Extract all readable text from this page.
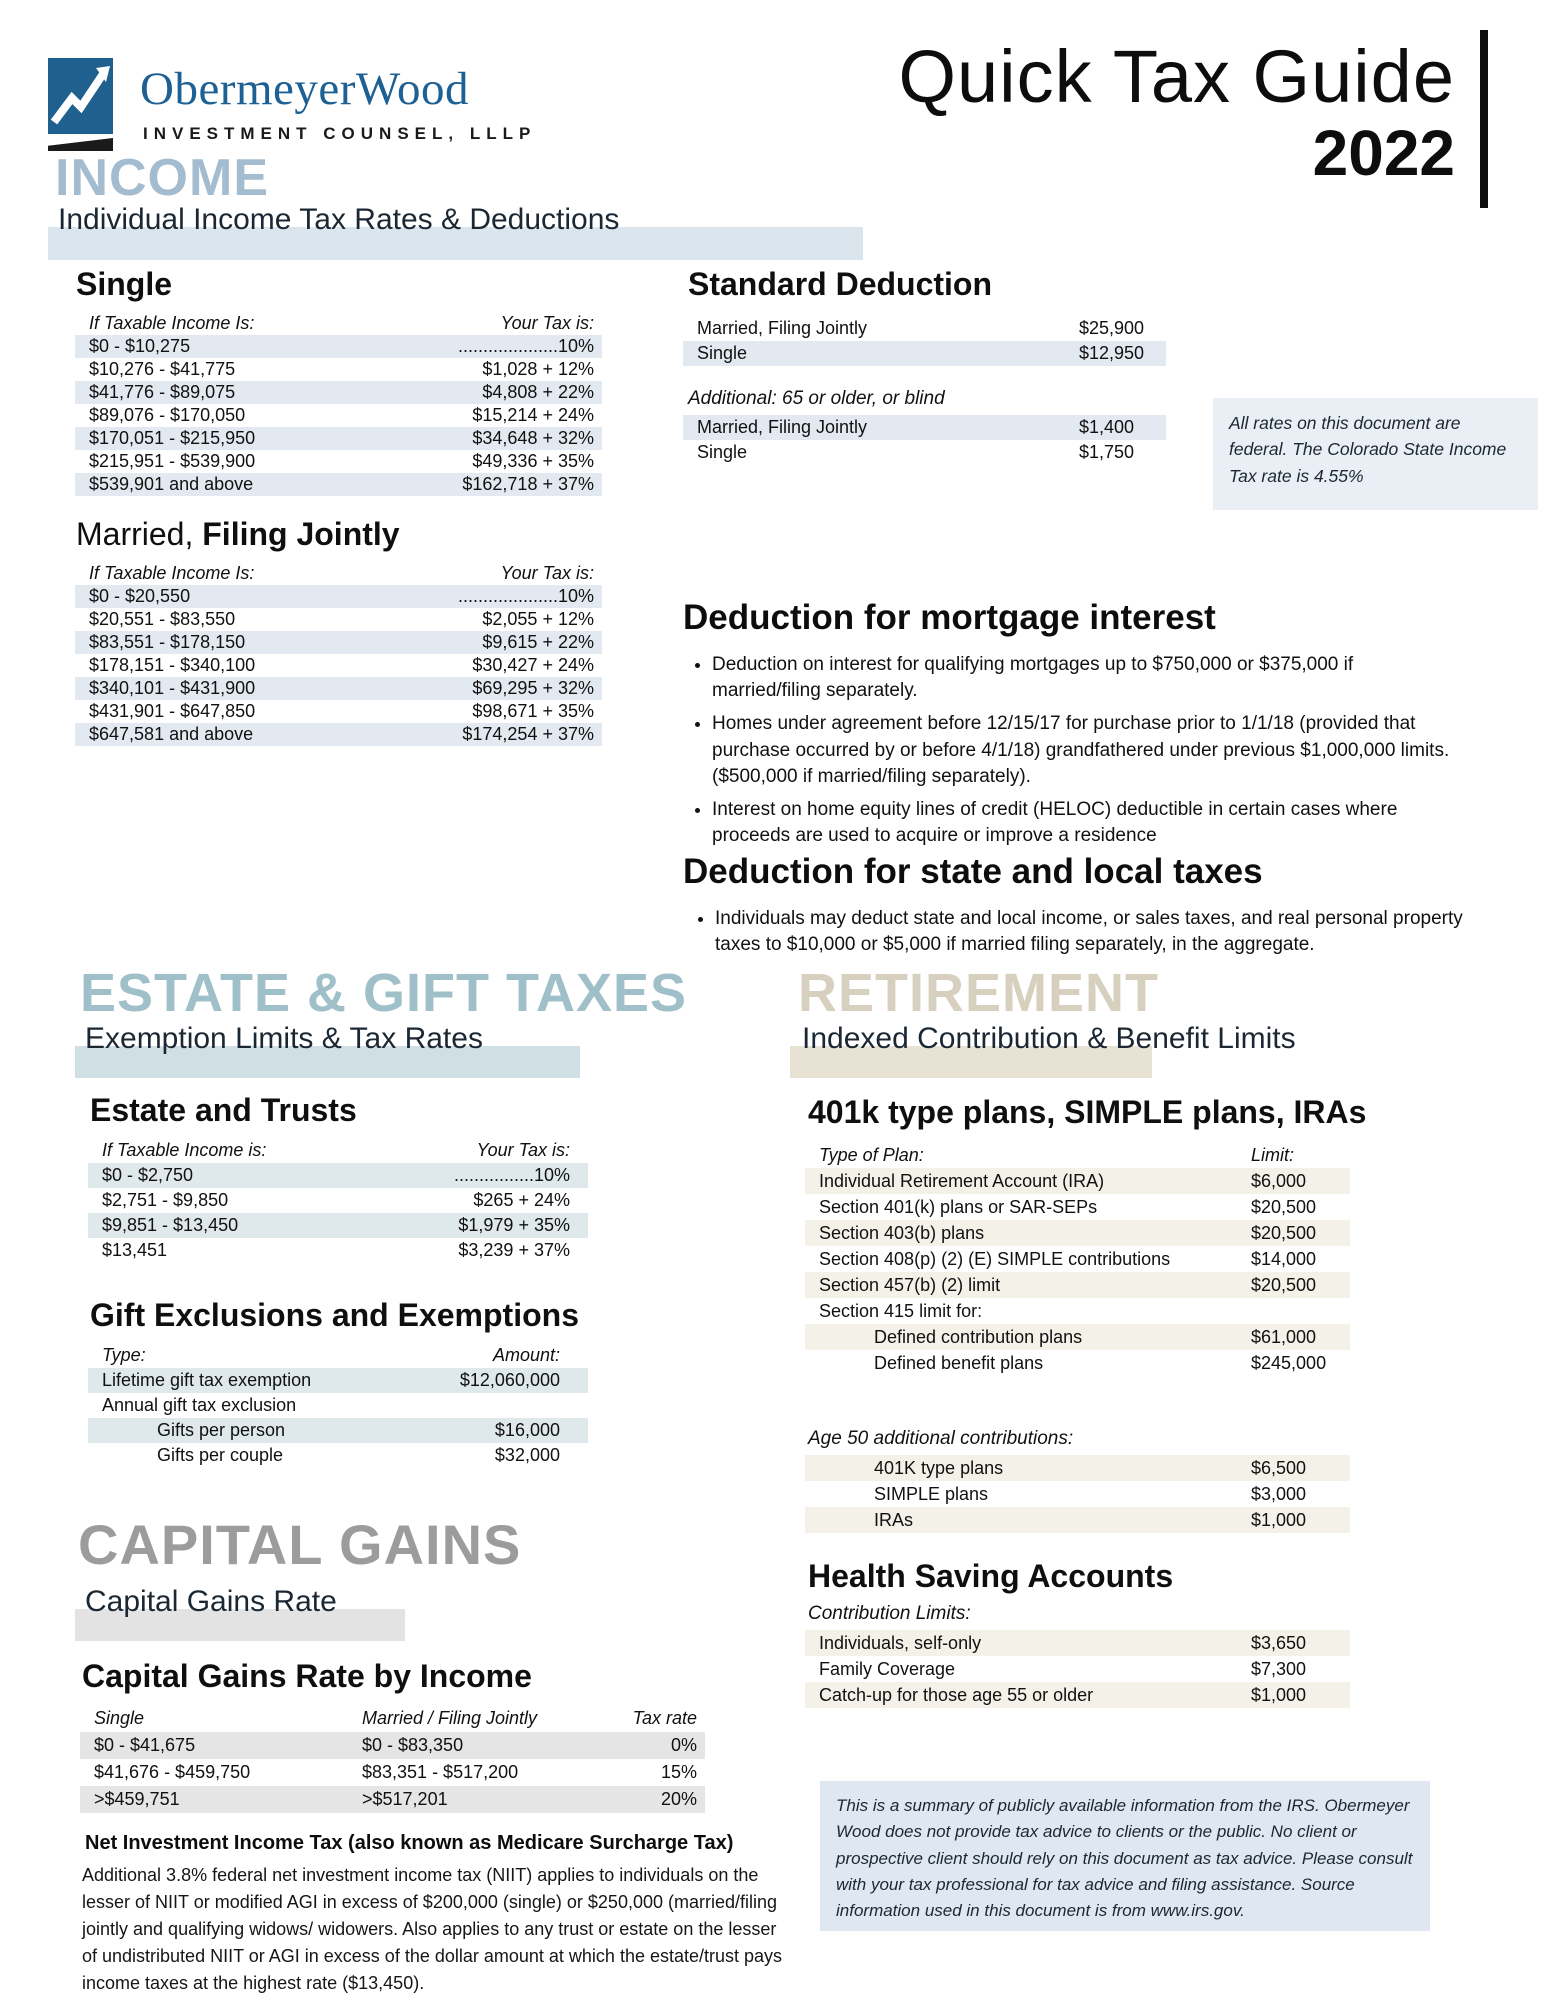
ObermeyerWood
INVESTMENT COUNSEL, LLLP
Quick Tax Guide
2022
INCOME
Individual Income Tax Rates & Deductions
Single
If Taxable Income Is:	Your Tax is:
$0 - $10,275	....................10%
$10,276 - $41,775	$1,028 + 12%
$41,776 - $89,075	$4,808 + 22%
$89,076 - $170,050	$15,214 + 24%
$170,051 - $215,950	$34,648 + 32%
$215,951 - $539,900	$49,336 + 35%
$539,901 and above	$162,718 + 37%
Married, Filing Jointly
If Taxable Income Is:	Your Tax is:
$0 - $20,550	....................10%
$20,551 - $83,550	$2,055 + 12%
$83,551 - $178,150	$9,615 + 22%
$178,151 - $340,100	$30,427 + 24%
$340,101 - $431,900	$69,295 + 32%
$431,901 - $647,850	$98,671 + 35%
$647,581 and above	$174,254 + 37%
Standard Deduction
Married, Filing Jointly	$25,900
Single	$12,950
Additional: 65 or older, or blind
Married, Filing Jointly	$1,400
Single	$1,750
All rates on this document are federal. The Colorado State Income Tax rate is 4.55%
Deduction for mortgage interest
• Deduction on interest for qualifying mortgages up to $750,000 or $375,000 if married/filing separately.
• Homes under agreement before 12/15/17 for purchase prior to 1/1/18 (provided that purchase occurred by or before 4/1/18) grandfathered under previous $1,000,000 limits.($500,000 if married/filing separately).
• Interest on home equity lines of credit (HELOC) deductible in certain cases where proceeds are used to acquire or improve a residence
Deduction for state and local taxes
• Individuals may deduct state and local income, or sales taxes, and real personal property taxes to $10,000 or $5,000 if married filing separately, in the aggregate.
ESTATE & GIFT TAXES
Exemption Limits & Tax Rates
Estate and Trusts
If Taxable Income is:	Your Tax is:
$0 - $2,750	................10%
$2,751 - $9,850	$265 + 24%
$9,851 - $13,450	$1,979 + 35%
$13,451	$3,239 + 37%
Gift Exclusions and Exemptions
Type:	Amount:
Lifetime gift tax exemption	$12,060,000
Annual gift tax exclusion
Gifts per person	$16,000
Gifts per couple	$32,000
RETIREMENT
Indexed Contribution & Benefit Limits
401k type plans, SIMPLE plans, IRAs
Type of Plan:	Limit:
Individual Retirement Account (IRA)	$6,000
Section 401(k) plans or SAR-SEPs	$20,500
Section 403(b) plans	$20,500
Section 408(p) (2) (E) SIMPLE contributions	$14,000
Section 457(b) (2) limit	$20,500
Section 415 limit for:
Defined contribution plans	$61,000
Defined benefit plans	$245,000
Age 50 additional contributions:
401K type plans	$6,500
SIMPLE plans	$3,000
IRAs	$1,000
Health Saving Accounts
Contribution Limits:
Individuals, self-only	$3,650
Family Coverage	$7,300
Catch-up for those age 55 or older	$1,000
CAPITAL GAINS
Capital Gains Rate
Capital Gains Rate by Income
Single	Married / Filing Jointly	Tax rate
$0 - $41,675	$0 - $83,350	0%
$41,676 - $459,750	$83,351 - $517,200	15%
>$459,751	>$517,201	20%
Net Investment Income Tax (also known as Medicare Surcharge Tax)
Additional 3.8% federal net investment income tax (NIIT) applies to individuals on the lesser of NIIT or modified AGI in excess of $200,000 (single) or $250,000 (married/filing jointly and qualifying widows/ widowers. Also applies to any trust or estate on the lesser of undistributed NIIT or AGI in excess of the dollar amount at which the estate/trust pays income taxes at the highest rate ($13,450).
This is a summary of publicly available information from the IRS. Obermeyer Wood does not provide tax advice to clients or the public. No client or prospective client should rely on this document as tax advice. Please consult with your tax professional for tax advice and filing assistance. Source information used in this document is from www.irs.gov.
